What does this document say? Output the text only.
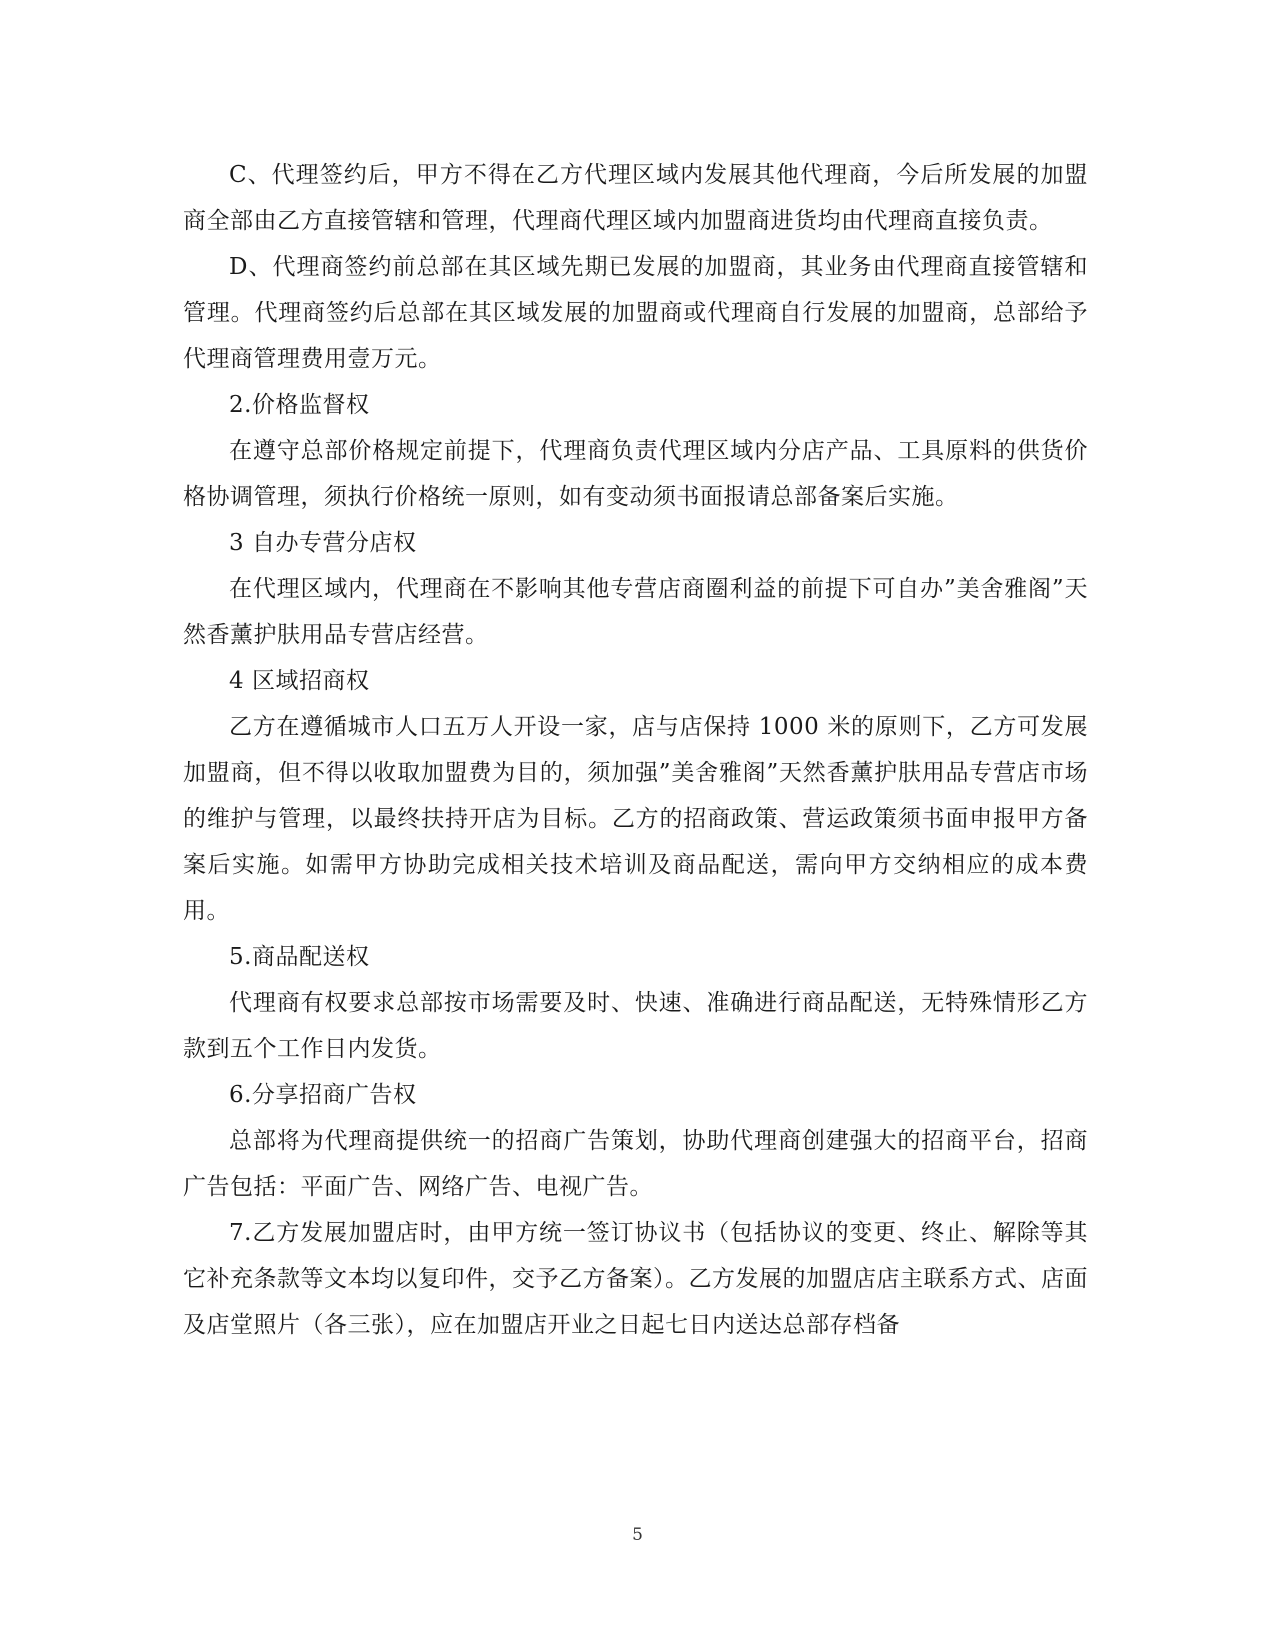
C、代理签约后，甲方不得在乙方代理区域内发展其他代理商，今后所发展的加盟商全部由乙方直接管辖和管理，代理商代理区域内加盟商进货均由代理商直接负责。

D、代理商签约前总部在其区域先期已发展的加盟商，其业务由代理商直接管辖和管理。代理商签约后总部在其区域发展的加盟商或代理商自行发展的加盟商，总部给予代理商管理费用壹万元。

2.价格监督权

在遵守总部价格规定前提下，代理商负责代理区域内分店产品、工具原料的供货价格协调管理，须执行价格统一原则，如有变动须书面报请总部备案后实施。

3 自办专营分店权

在代理区域内，代理商在不影响其他专营店商圈利益的前提下可自办”美舍雅阁”天然香薰护肤用品专营店经营。

4 区域招商权

乙方在遵循城市人口五万人开设一家，店与店保持 1000 米的原则下，乙方可发展加盟商，但不得以收取加盟费为目的，须加强”美舍雅阁”天然香薰护肤用品专营店市场的维护与管理，以最终扶持开店为目标。乙方的招商政策、营运政策须书面申报甲方备案后实施。如需甲方协助完成相关技术培训及商品配送，需向甲方交纳相应的成本费用。

5.商品配送权

代理商有权要求总部按市场需要及时、快速、准确进行商品配送，无特殊情形乙方款到五个工作日内发货。

6.分享招商广告权

总部将为代理商提供统一的招商广告策划，协助代理商创建强大的招商平台，招商广告包括：平面广告、网络广告、电视广告。

7.乙方发展加盟店时，由甲方统一签订协议书（包括协议的变更、终止、解除等其它补充条款等文本均以复印件，交予乙方备案）。乙方发展的加盟店店主联系方式、店面及店堂照片（各三张），应在加盟店开业之日起七日内送达总部存档备

5
